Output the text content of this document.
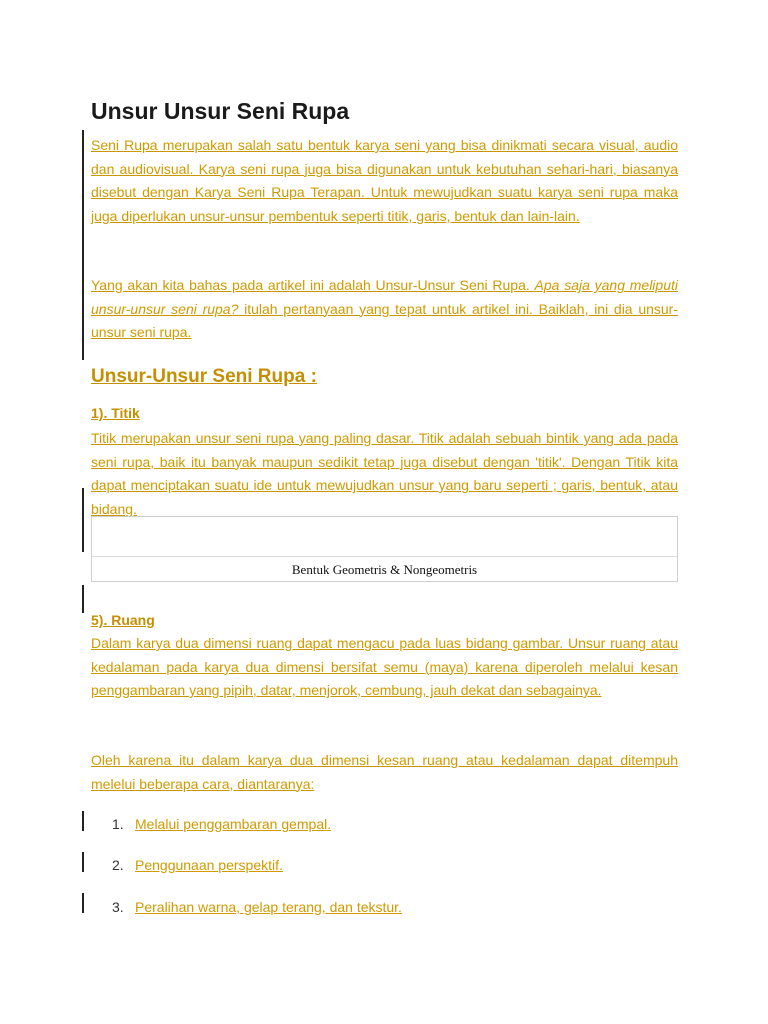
Unsur Unsur Seni Rupa

Seni Rupa merupakan salah satu bentuk karya seni yang bisa dinikmati secara visual, audio dan audiovisual. Karya seni rupa juga bisa digunakan untuk kebutuhan sehari-hari, biasanya disebut dengan Karya Seni Rupa Terapan. Untuk mewujudkan suatu karya seni rupa maka juga diperlukan unsur-unsur pembentuk seperti titik, garis, bentuk dan lain-lain.

Yang akan kita bahas pada artikel ini adalah Unsur-Unsur Seni Rupa. Apa saja yang meliputi unsur-unsur seni rupa? itulah pertanyaan yang tepat untuk artikel ini. Baiklah, ini dia unsur-unsur seni rupa.

Unsur-Unsur Seni Rupa :
1). Titik

Titik merupakan unsur seni rupa yang paling dasar. Titik adalah sebuah bintik yang ada pada seni rupa, baik itu banyak maupun sedikit tetap juga disebut dengan 'titik'. Dengan Titik kita dapat menciptakan suatu ide untuk mewujudkan unsur yang baru seperti ; garis, bentuk, atau bidang.

Bentuk Geometris & Nongeometris
5). Ruang

Dalam karya dua dimensi ruang dapat mengacu pada luas bidang gambar. Unsur ruang atau kedalaman pada karya dua dimensi bersifat semu (maya) karena diperoleh melalui kesan penggambaran yang pipih, datar, menjorok, cembung, jauh dekat dan sebagainya.

Oleh karena itu dalam karya dua dimensi kesan ruang atau kedalaman dapat ditempuh melelui beberapa cara, diantaranya:

1. Melalui penggambaran gempal.
2. Penggunaan perspektif.
3. Peralihan warna, gelap terang, dan tekstur.
